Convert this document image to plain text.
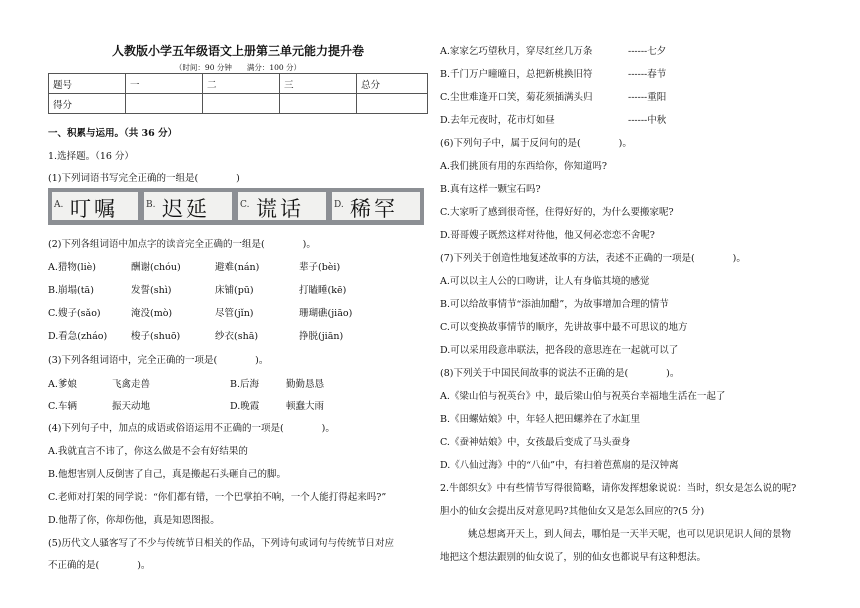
人教版小学五年级语文上册第三单元能力提升卷
（时间：90 分钟　　满分：100 分）
题号	一	二	三	总分
得分				
一、积累与运用。（共 36 分）
1.选择题。（16 分）
(1)下列词语书写完全正确的一组是(　　　　)
A. 叮嘱	B. 迟延	C. 谎话	D. 稀罕
(2)下列各组词语中加点字的读音完全正确的一组是(　　　　)。
A.猎物(liè)	酬谢(chóu)	避难(nán)	辈子(bèi)
B.崩塌(tā)	发誓(shì)	床铺(pū)	打瞌睡(kē)
C.嫂子(sǎo)	淹没(mò)	尽管(jǐn)	珊瑚礁(jiāo)
D.看急(zháo)	梭子(shuō)	纱衣(shā)	挣脱(jiān)
(3)下列各组词语中，完全正确的一项是(　　　　)。
A.爹娘	飞禽走兽	B.后海	勤勤恳恳
C.车辆	振天动地	D.晚霞	顿蠢大雨
(4)下列句子中，加点的成语或俗语运用不正确的一项是(　　　　)。
A.我就直言不讳了，你这么做是不会有好结果的
B.他想害别人反倒害了自己，真是搬起石头砸自己的脚。
C.老师对打架的同学说：“你们都有错，一个巴掌拍不响，一个人能打得起来吗?”
D.他帮了你，你却伤他，真是知恩图报。
(5)历代文人骚客写了不少与传统节日相关的作品，下列诗句或词句与传统节日对应
不正确的是(　　　　)。
A.家家乞巧望秋月，穿尽红丝几万条	------七夕
B.千门万户曈曈日，总把新桃换旧符	------春节
C.尘世难逢开口笑，菊花须插满头归	------重阳
D.去年元夜时，花市灯如昼	------中秋
(6)下列句子中，属于反问句的是(　　　　)。
A.我们挑顶有用的东西给你，你知道吗?
B.真有这样一颗宝石吗?
C.大家听了感到很奇怪，住得好好的，为什么要搬家呢?
D.哥哥嫂子既然这样对待他，他又何必恋恋不舍呢?
(7)下列关于创造性地复述故事的方法，表述不正确的一项是(　　　　)。
A.可以以主人公的口吻讲，让人有身临其境的感觉
B.可以给故事情节“添油加醋”，为故事增加合理的情节
C.可以变换故事情节的顺序，先讲故事中最不可思议的地方
D.可以采用段意串联法，把各段的意思连在一起就可以了
(8)下列关于中国民间故事的说法不正确的是(　　　　)。
A.《梁山伯与祝英台》中，最后梁山伯与祝英台幸福地生活在一起了
B.《田螺姑娘》中，年轻人把田螺养在了水缸里
C.《蚕神姑娘》中，女孩最后变成了马头蚕身
D.《八仙过海》中的“八仙”中，有扫着芭蕉扇的是汉钟离
2.牛郎织女》中有些情节写得很简略，请你发挥想象说说：当时，织女是怎么说的呢?
胆小的仙女会提出反对意见吗?其他仙女又是怎么回应的?(5 分)
姚总想离开天上，到人间去，哪怕是一天半天呢，也可以见识见识人间的景物
地把这个想法跟别的仙女说了，别的仙女也都说早有这种想法。
